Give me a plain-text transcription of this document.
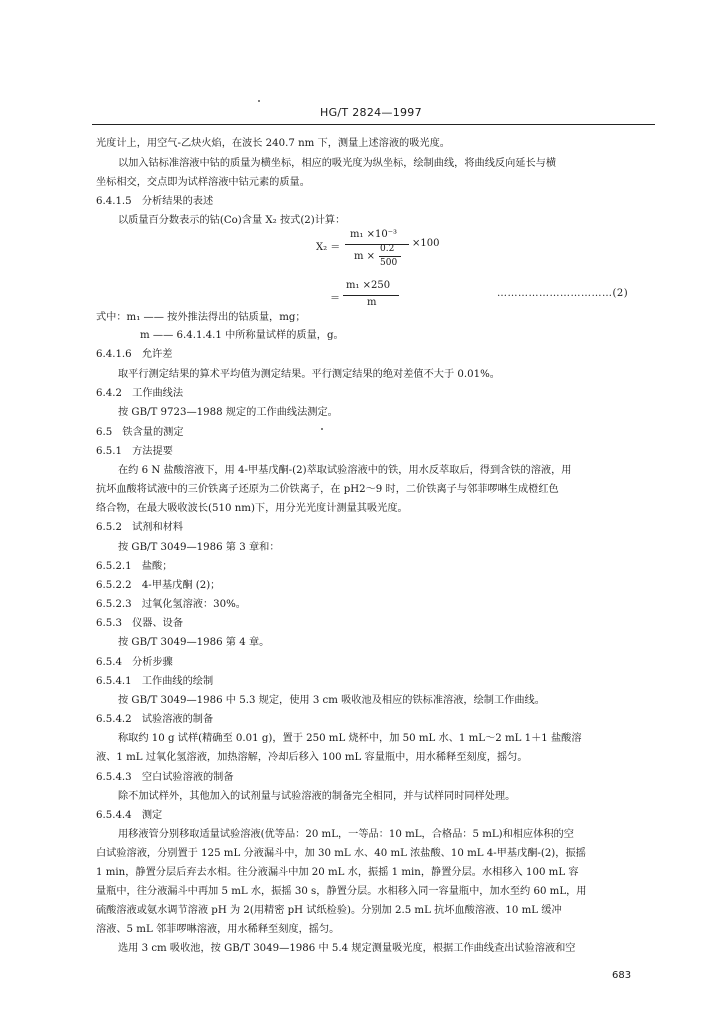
HG/T 2824—1997
光度计上，用空气-乙炔火焰，在波长 240.7 nm 下，测量上述溶液的吸光度。
以加入钴标准溶液中钴的质量为横坐标，相应的吸光度为纵坐标，绘制曲线，将曲线反向延长与横
坐标相交，交点即为试样溶液中钴元素的质量。
6.4.1.5　分析结果的表述
以质量百分数表示的钴(Co)含量 X₂ 按式(2)计算：
X₂ ＝
m₁ ×10⁻³
m ×
0.2
500
×100
＝
m₁ ×250
m
……………………………(2)
式中：m₁ —— 按外推法得出的钴质量，mg；
m —— 6.4.1.4.1 中所称量试样的质量，g。
6.4.1.6　允许差
取平行测定结果的算术平均值为测定结果。平行测定结果的绝对差值不大于 0.01%。
6.4.2　工作曲线法
按 GB/T 9723—1988 规定的工作曲线法测定。
6.5　铁含量的测定
6.5.1　方法提要
在约 6 N 盐酸溶液下，用 4-甲基戊酮-(2)萃取试验溶液中的铁，用水反萃取后，得到含铁的溶液，用
抗坏血酸将试液中的三价铁离子还原为二价铁离子，在 pH2～9 时，二价铁离子与邻菲啰啉生成橙红色
络合物，在最大吸收波长(510 nm)下，用分光光度计测量其吸光度。
6.5.2　试剂和材料
按 GB/T 3049—1986 第 3 章和：
6.5.2.1　盐酸；
6.5.2.2　4-甲基戊酮 (2)；
6.5.2.3　过氧化氢溶液：30%。
6.5.3　仪器、设备
按 GB/T 3049—1986 第 4 章。
6.5.4　分析步骤
6.5.4.1　工作曲线的绘制
按 GB/T 3049—1986 中 5.3 规定，使用 3 cm 吸收池及相应的铁标准溶液，绘制工作曲线。
6.5.4.2　试验溶液的制备
称取约 10 g 试样(精确至 0.01 g)，置于 250 mL 烧杯中，加 50 mL 水、1 mL～2 mL 1＋1 盐酸溶
液、1 mL 过氧化氢溶液，加热溶解，冷却后移入 100 mL 容量瓶中，用水稀释至刻度，摇匀。
6.5.4.3　空白试验溶液的制备
除不加试样外，其他加入的试剂量与试验溶液的制备完全相同，并与试样同时同样处理。
6.5.4.4　测定
用移液管分别移取适量试验溶液(优等品：20 mL，一等品：10 mL，合格品：5 mL)和相应体积的空
白试验溶液，分别置于 125 mL 分液漏斗中，加 30 mL 水、40 mL 浓盐酸、10 mL 4-甲基戊酮-(2)，振摇
1 min，静置分层后弃去水相。往分液漏斗中加 20 mL 水，振摇 1 min，静置分层。水相移入 100 mL 容
量瓶中，往分液漏斗中再加 5 mL 水，振摇 30 s，静置分层。水相移入同一容量瓶中，加水至约 60 mL，用
硫酸溶液或氨水调节溶液 pH 为 2(用精密 pH 试纸检验)。分别加 2.5 mL 抗坏血酸溶液、10 mL 缓冲
溶液、5 mL 邻菲啰啉溶液，用水稀释至刻度，摇匀。
选用 3 cm 吸收池，按 GB/T 3049—1986 中 5.4 规定测量吸光度，根据工作曲线查出试验溶液和空
683
